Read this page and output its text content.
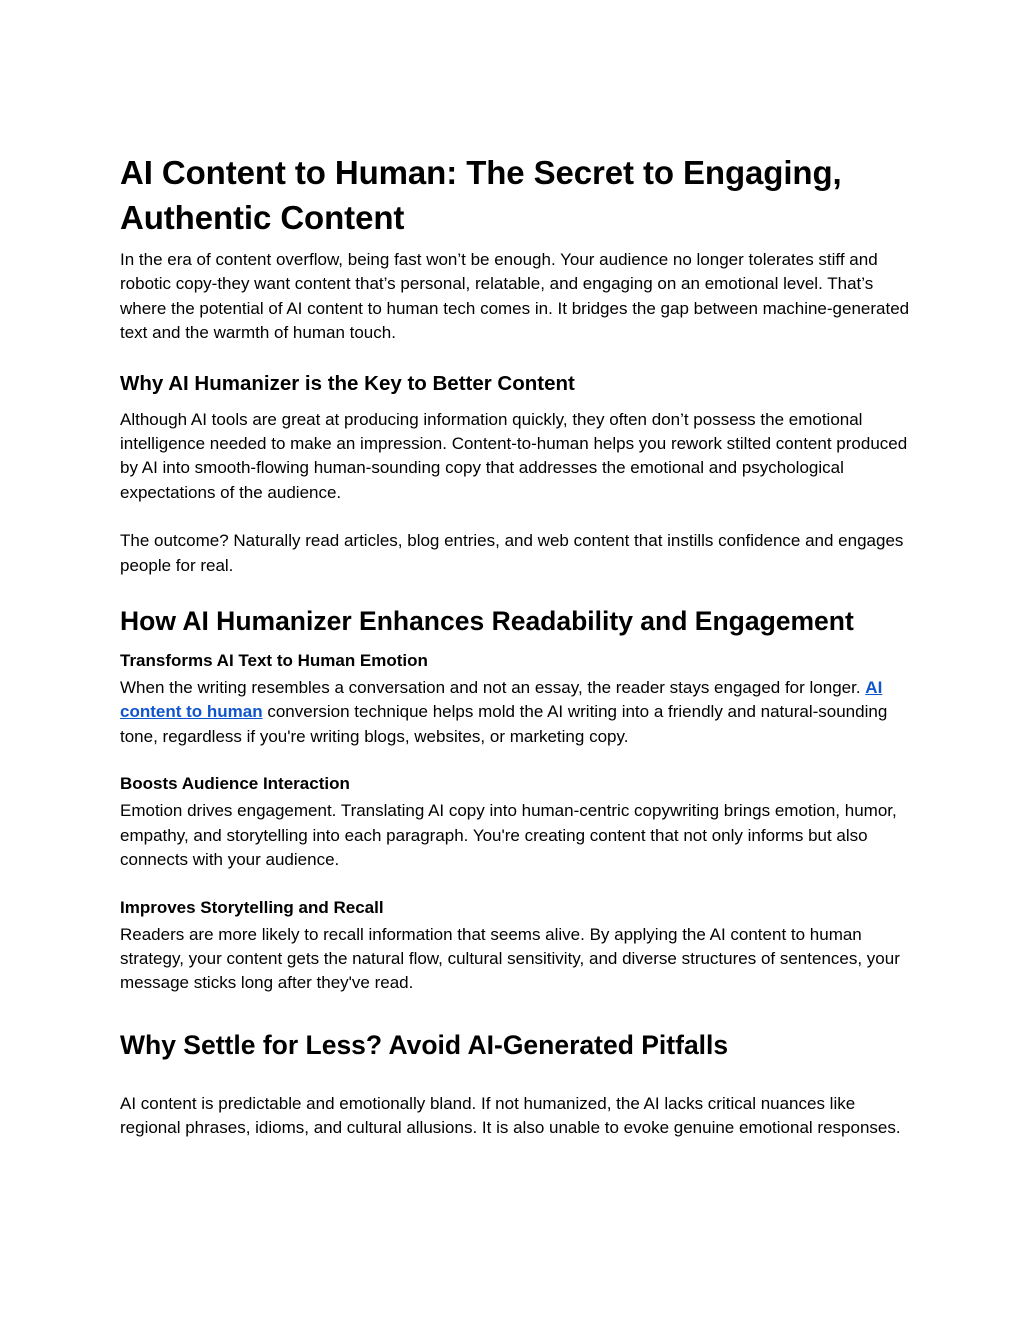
AI Content to Human: The Secret to Engaging, Authentic Content

In the era of content overflow, being fast won’t be enough. Your audience no longer tolerates stiff and robotic copy-they want content that’s personal, relatable, and engaging on an emotional level. That’s where the potential of AI content to human tech comes in. It bridges the gap between machine-generated text and the warmth of human touch.

Why AI Humanizer is the Key to Better Content

Although AI tools are great at producing information quickly, they often don’t possess the emotional intelligence needed to make an impression. Content-to-human helps you rework stilted content produced by AI into smooth-flowing human-sounding copy that addresses the emotional and psychological expectations of the audience.

The outcome? Naturally read articles, blog entries, and web content that instills confidence and engages people for real.

How AI Humanizer Enhances Readability and Engagement
Transforms AI Text to Human Emotion

When the writing resembles a conversation and not an essay, the reader stays engaged for longer. AI content to human conversion technique helps mold the AI writing into a friendly and natural-sounding tone, regardless if you're writing blogs, websites, or marketing copy.

Boosts Audience Interaction

Emotion drives engagement. Translating AI copy into human-centric copywriting brings emotion, humor, empathy, and storytelling into each paragraph. You're creating content that not only informs but also connects with your audience.

Improves Storytelling and Recall

Readers are more likely to recall information that seems alive. By applying the AI content to human strategy, your content gets the natural flow, cultural sensitivity, and diverse structures of sentences, your message sticks long after they've read.

Why Settle for Less? Avoid AI-Generated Pitfalls

AI content is predictable and emotionally bland. If not humanized, the AI lacks critical nuances like regional phrases, idioms, and cultural allusions. It is also unable to evoke genuine emotional responses.
